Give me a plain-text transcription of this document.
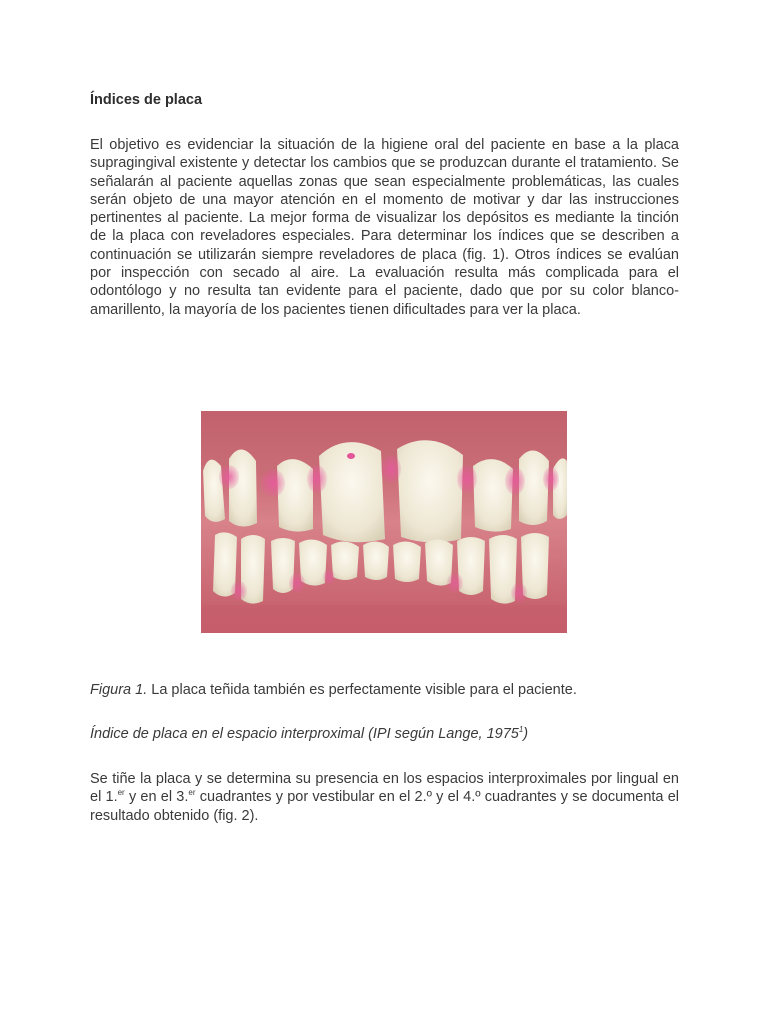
Índices de placa

El objetivo es evidenciar la situación de la higiene oral del paciente en base a la placa supragingival existente y detectar los cambios que se produzcan durante el tratamiento. Se señalarán al paciente aquellas zonas que sean especialmente problemáticas, las cuales serán objeto de una mayor atención en el momento de motivar y dar las instrucciones pertinentes al paciente. La mejor forma de visualizar los depósitos es mediante la tinción de la placa con reveladores especiales. Para determinar los índices que se describen a continuación se utilizarán siempre reveladores de placa (fig. 1). Otros índices se evalúan por inspección con secado al aire. La evaluación resulta más complicada para el odontólogo y no resulta tan evidente para el paciente, dado que por su color blanco-amarillento, la mayoría de los pacientes tienen dificultades para ver la placa.

Figura 1. La placa teñida también es perfectamente visible para el paciente.

Índice de placa en el espacio interproximal (IPI según Lange, 1975$^1$)

Se tiñe la placa y se determina su presencia en los espacios interproximales por lingual en el 1.$^{er}$ y en el 3.$^{er}$ cuadrantes y por vestibular en el 2.º y el 4.º cuadrantes y se documenta el resultado obtenido (fig. 2).
